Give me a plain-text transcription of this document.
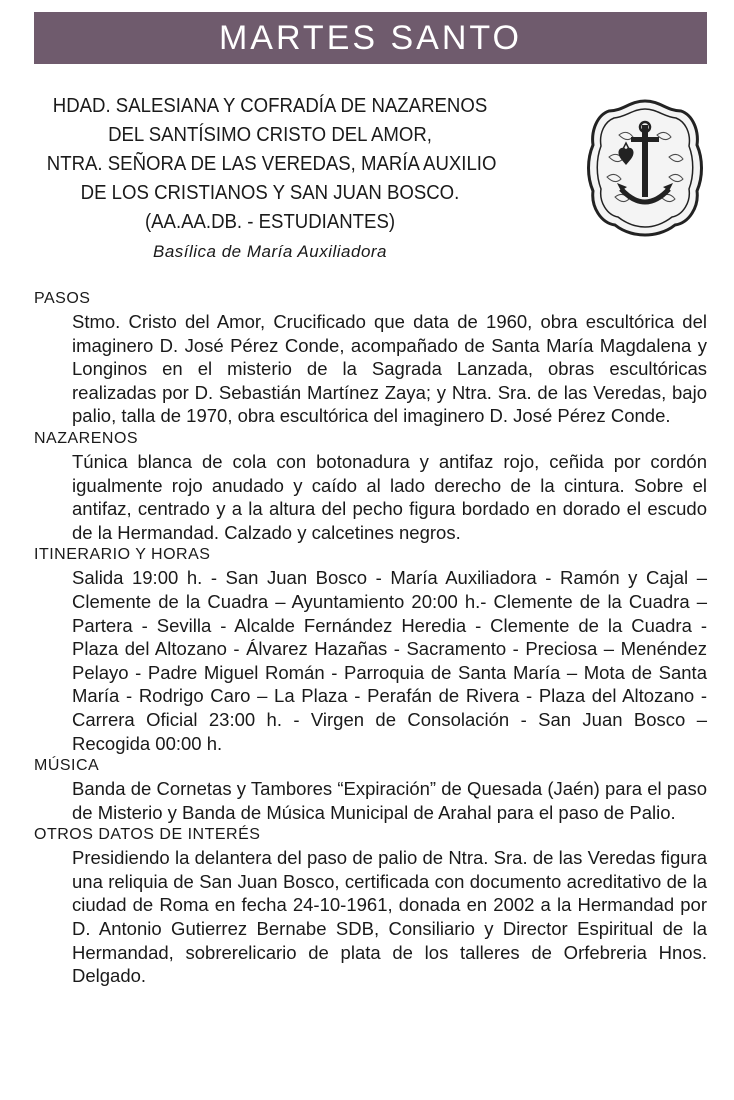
MARTES SANTO
HDAD. SALESIANA Y COFRADÍA DE NAZARENOS
DEL SANTÍSIMO CRISTO DEL AMOR,
NTRA. SEÑORA DE LAS VEREDAS, MARÍA AUXILIO
DE LOS CRISTIANOS Y SAN JUAN BOSCO.
(AA.AA.DB. - ESTUDIANTES)
Basílica de María Auxiliadora
PASOS
Stmo. Cristo del Amor, Crucificado que data de 1960, obra escultórica del imaginero D. José Pérez Conde, acompañado de Santa María Magdalena y Longinos en el misterio de la Sagrada Lanzada, obras escultóricas realizadas por D. Sebastián Martínez Zaya; y Ntra. Sra. de las Veredas, bajo palio, talla de 1970, obra escultórica del imaginero D. José Pérez Conde.
NAZARENOS
Túnica blanca de cola con botonadura y antifaz rojo, ceñida por cordón igualmente rojo anudado y caído al lado derecho de la cintura. Sobre el antifaz, centrado y a la altura del pecho figura bordado en dorado el escudo de la Hermandad. Calzado y calcetines negros.
ITINERARIO Y HORAS
Salida 19:00 h. - San Juan Bosco - María Auxiliadora - Ramón y Cajal – Clemente de la Cuadra – Ayuntamiento 20:00 h.- Clemente de la Cuadra – Partera - Sevilla - Alcalde Fernández Heredia - Clemente de la Cuadra - Plaza del Altozano - Álvarez Hazañas - Sacramento - Preciosa – Menéndez Pelayo - Padre Miguel Román - Parroquia de Santa María – Mota de Santa María - Rodrigo Caro – La Plaza - Perafán de Rivera - Plaza del Altozano - Carrera Oficial 23:00 h. - Virgen de Consolación - San Juan Bosco – Recogida 00:00 h.
MÚSICA
Banda de Cornetas y Tambores “Expiración” de Quesada (Jaén) para el paso de Misterio y Banda de Música Municipal de Arahal para el paso de Palio.
OTROS DATOS DE INTERÉS
Presidiendo la delantera del paso de palio de Ntra. Sra. de las Veredas figura una reliquia de San Juan Bosco, certificada con documento acreditativo de la ciudad de Roma en fecha 24-10-1961, donada en 2002 a la Hermandad por D. Antonio Gutierrez Bernabe SDB, Consiliario y Director Espiritual de la Hermandad, sobrerelicario de plata de los talleres de Orfebreria Hnos. Delgado.
